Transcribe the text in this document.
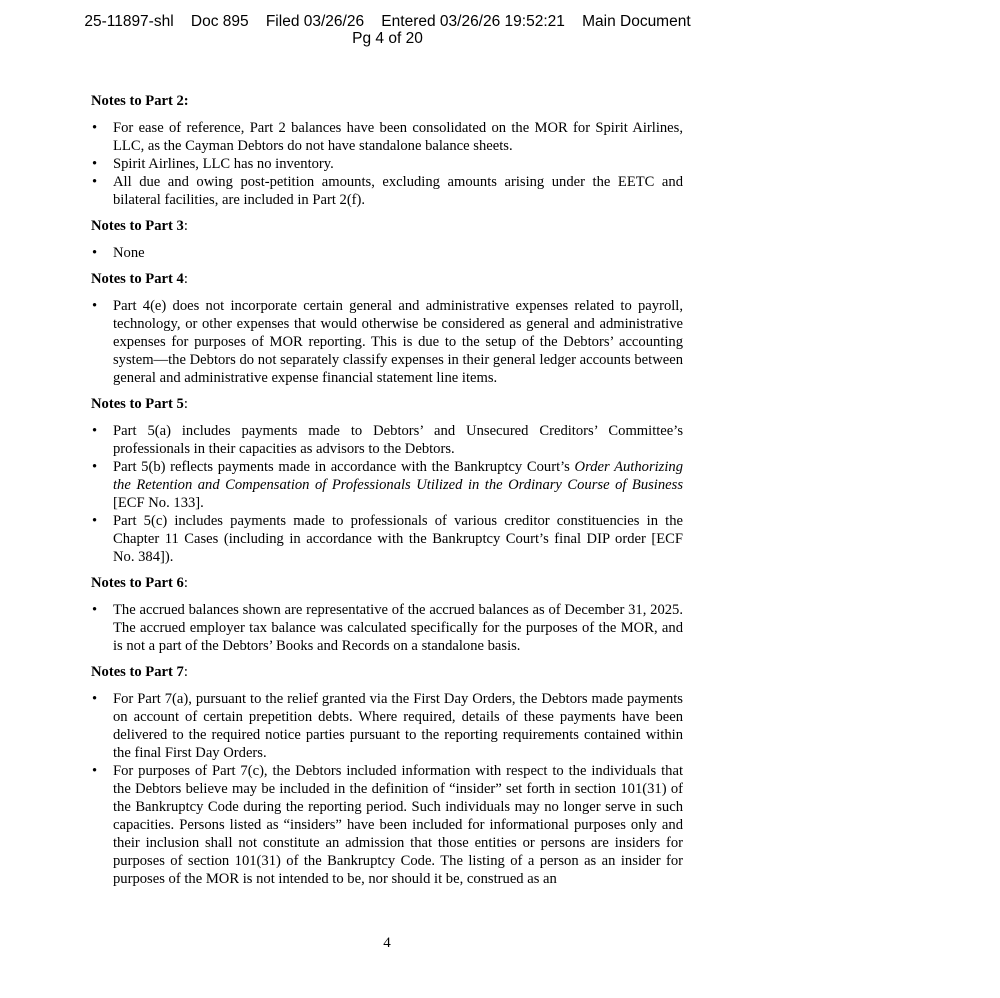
25-11897-shl    Doc 895    Filed 03/26/26    Entered 03/26/26 19:52:21    Main Document
Pg 4 of 20

Notes to Part 2:

• For ease of reference, Part 2 balances have been consolidated on the MOR for Spirit Airlines, LLC, as the Cayman Debtors do not have standalone balance sheets.
• Spirit Airlines, LLC has no inventory.
• All due and owing post-petition amounts, excluding amounts arising under the EETC and bilateral facilities, are included in Part 2(f).

Notes to Part 3:

• None

Notes to Part 4:

• Part 4(e) does not incorporate certain general and administrative expenses related to payroll, technology, or other expenses that would otherwise be considered as general and administrative expenses for purposes of MOR reporting. This is due to the setup of the Debtors’ accounting system—the Debtors do not separately classify expenses in their general ledger accounts between general and administrative expense financial statement line items.

Notes to Part 5:

• Part 5(a) includes payments made to Debtors’ and Unsecured Creditors’ Committee’s professionals in their capacities as advisors to the Debtors.
• Part 5(b) reflects payments made in accordance with the Bankruptcy Court’s Order Authorizing the Retention and Compensation of Professionals Utilized in the Ordinary Course of Business [ECF No. 133].
• Part 5(c) includes payments made to professionals of various creditor constituencies in the Chapter 11 Cases (including in accordance with the Bankruptcy Court’s final DIP order [ECF No. 384]).

Notes to Part 6:

• The accrued balances shown are representative of the accrued balances as of December 31, 2025. The accrued employer tax balance was calculated specifically for the purposes of the MOR, and is not a part of the Debtors’ Books and Records on a standalone basis.

Notes to Part 7:

• For Part 7(a), pursuant to the relief granted via the First Day Orders, the Debtors made payments on account of certain prepetition debts. Where required, details of these payments have been delivered to the required notice parties pursuant to the reporting requirements contained within the final First Day Orders.
• For purposes of Part 7(c), the Debtors included information with respect to the individuals that the Debtors believe may be included in the definition of “insider” set forth in section 101(31) of the Bankruptcy Code during the reporting period. Such individuals may no longer serve in such capacities. Persons listed as “insiders” have been included for informational purposes only and their inclusion shall not constitute an admission that those entities or persons are insiders for purposes of section 101(31) of the Bankruptcy Code. The listing of a person as an insider for purposes of the MOR is not intended to be, nor should it be, construed as an
4
